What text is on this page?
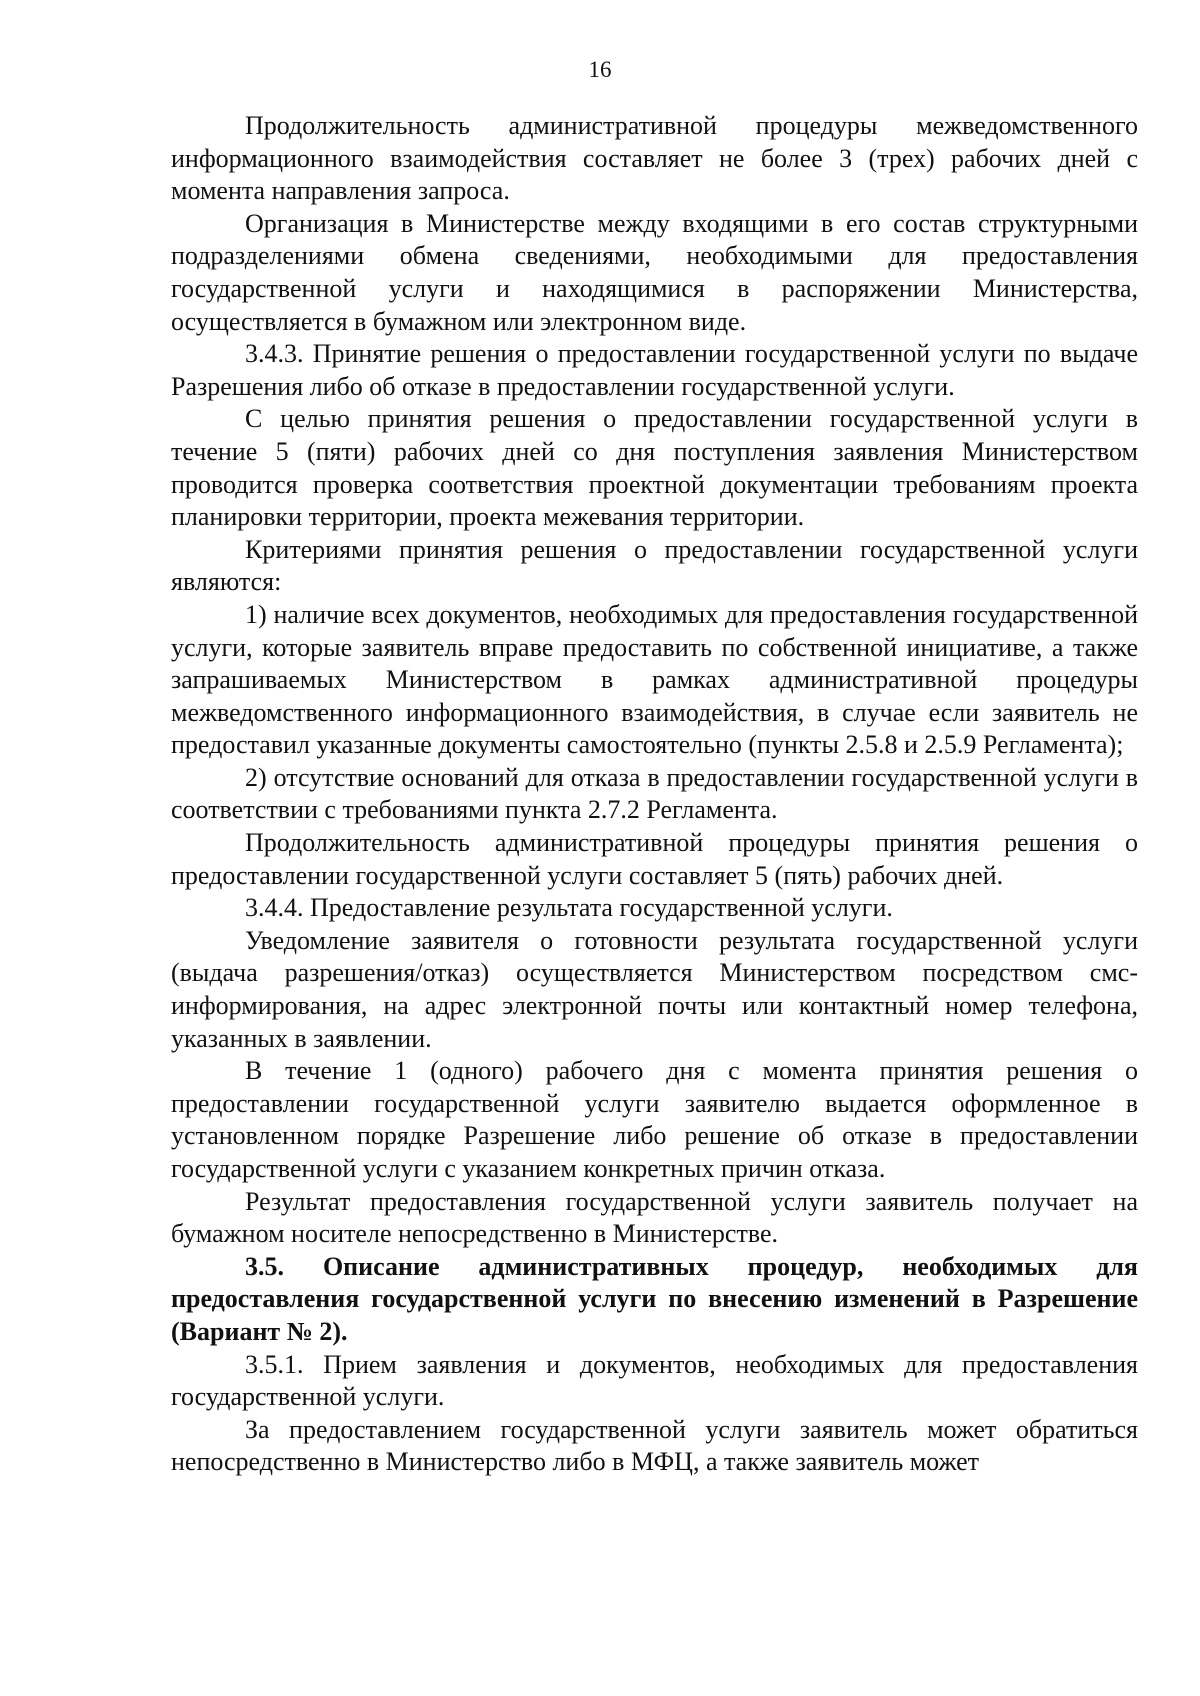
16

Продолжительность административной процедуры межведомственного информационного взаимодействия составляет не более 3 (трех) рабочих дней с момента направления запроса.

Организация в Министерстве между входящими в его состав структурными подразделениями обмена сведениями, необходимыми для предоставления государственной услуги и находящимися в распоряжении Министерства, осуществляется в бумажном или электронном виде.

3.4.3. Принятие решения о предоставлении государственной услуги по выдаче Разрешения либо об отказе в предоставлении государственной услуги.

С целью принятия решения о предоставлении государственной услуги в течение 5 (пяти) рабочих дней со дня поступления заявления Министерством проводится проверка соответствия проектной документации требованиям проекта планировки территории, проекта межевания территории.

Критериями принятия решения о предоставлении государственной услуги являются:

1) наличие всех документов, необходимых для предоставления государственной услуги, которые заявитель вправе предоставить по собственной инициативе, а также запрашиваемых Министерством в рамках административной процедуры межведомственного информационного взаимодействия, в случае если заявитель не предоставил указанные документы самостоятельно (пункты 2.5.8 и 2.5.9 Регламента);

2) отсутствие оснований для отказа в предоставлении государственной услуги в соответствии с требованиями пункта 2.7.2 Регламента.

Продолжительность административной процедуры принятия решения о предоставлении государственной услуги составляет 5 (пять) рабочих дней.

3.4.4. Предоставление результата государственной услуги.

Уведомление заявителя о готовности результата государственной услуги (выдача разрешения/отказ) осуществляется Министерством посредством смс-информирования, на адрес электронной почты или контактный номер телефона, указанных в заявлении.

В течение 1 (одного) рабочего дня с момента принятия решения о предоставлении государственной услуги заявителю выдается оформленное в установленном порядке Разрешение либо решение об отказе в предоставлении государственной услуги с указанием конкретных причин отказа.

Результат предоставления государственной услуги заявитель получает на бумажном носителе непосредственно в Министерстве.

3.5. Описание административных процедур, необходимых для предоставления государственной услуги по внесению изменений в Разрешение (Вариант № 2).

3.5.1. Прием заявления и документов, необходимых для предоставления государственной услуги.

За предоставлением государственной услуги заявитель может обратиться непосредственно в Министерство либо в МФЦ, а также заявитель может
